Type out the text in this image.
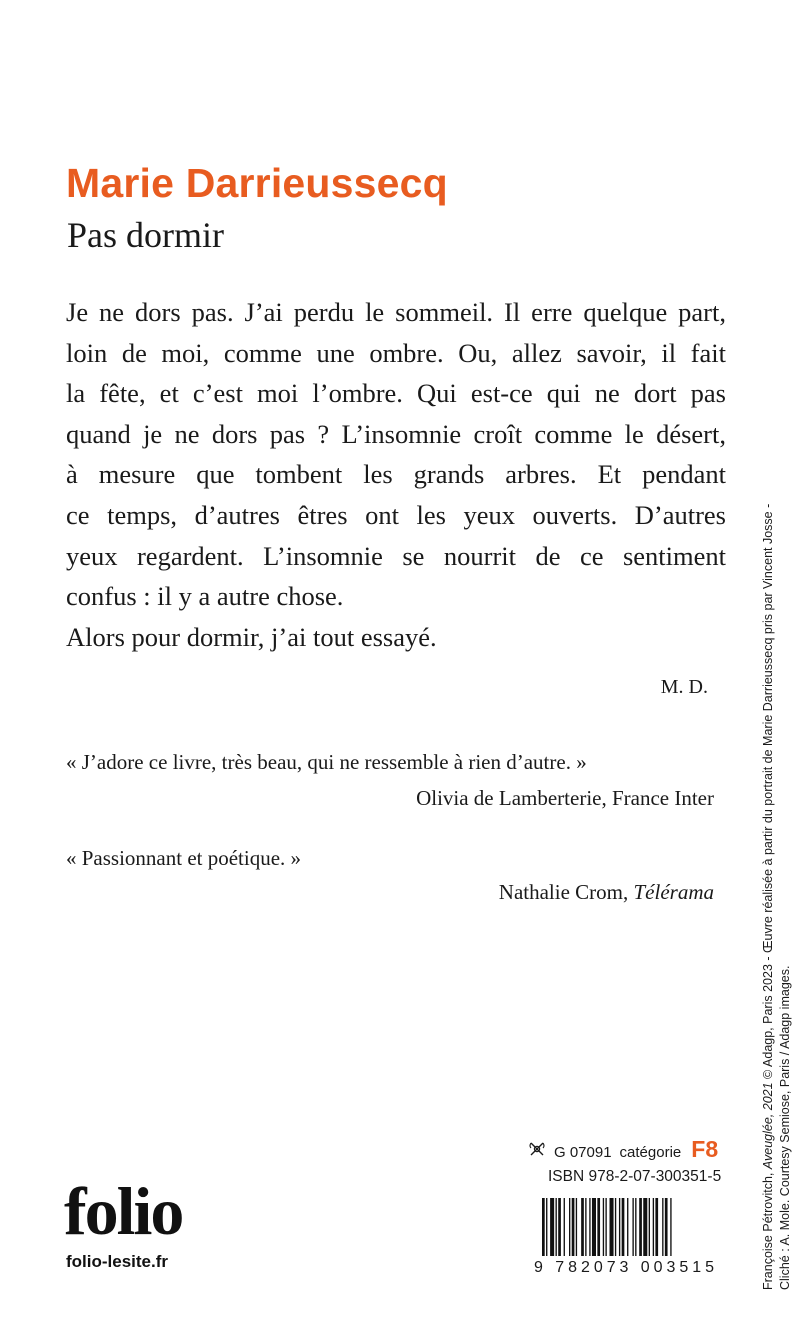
Marie Darrieussecq
Pas dormir
Je ne dors pas. J’ai perdu le sommeil. Il erre quelque part,
loin de moi, comme une ombre. Ou, allez savoir, il fait
la fête, et c’est moi l’ombre. Qui est-ce qui ne dort pas
quand je ne dors pas ? L’insomnie croît comme le désert,
à mesure que tombent les grands arbres. Et pendant
ce temps, d’autres êtres ont les yeux ouverts. D’autres
yeux regardent. L’insomnie se nourrit de ce sentiment
confus : il y a autre chose.
Alors pour dormir, j’ai tout essayé.
M. D.
« J’adore ce livre, très beau, qui ne ressemble à rien d’autre. »
Olivia de Lamberterie, France Inter
« Passionnant et poétique. »
Nathalie Crom, Télérama
Françoise Pétrovitch, Aveuglée, 2021 © Adagp, Paris 2023 - Œuvre réalisée à partir du portrait de Marie Darrieussecq pris par Vincent Josse -
Cliché : A. Mole. Courtesy Semiose, Paris / Adagp images.
folio
folio-lesite.fr
G 07091 catégorie F8
ISBN 978-2-07-300351-5
9 782073 003515
